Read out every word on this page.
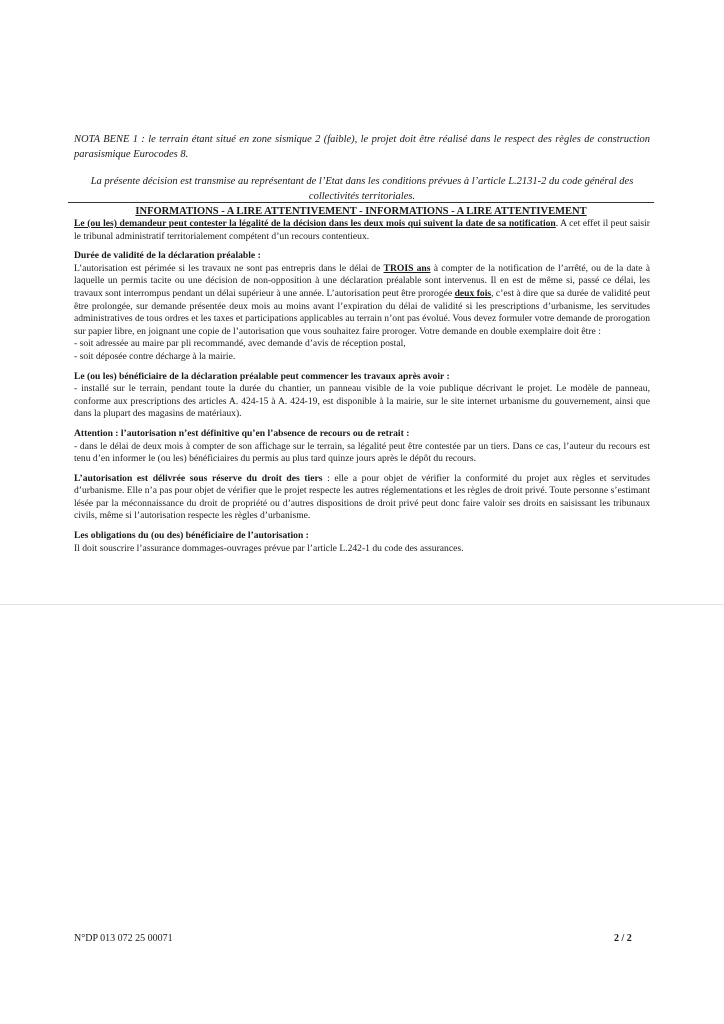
NOTA BENE 1 : le terrain étant situé en zone sismique 2 (faible), le projet doit être réalisé dans le respect des règles de construction parasismique Eurocodes 8.

La présente décision est transmise au représentant de l’Etat dans les conditions prévues à l’article L.2131-2 du code général des collectivités territoriales.

INFORMATIONS - A LIRE ATTENTIVEMENT - INFORMATIONS - A LIRE ATTENTIVEMENT

Le (ou les) demandeur peut contester la légalité de la décision dans les deux mois qui suivent la date de sa notification. A cet effet il peut saisir le tribunal administratif territorialement compétent d’un recours contentieux.

Durée de validité de la déclaration préalable :

L’autorisation est périmée si les travaux ne sont pas entrepris dans le délai de TROIS ans à compter de la notification de l’arrêté, ou de la date à laquelle un permis tacite ou une décision de non-opposition à une déclaration préalable sont intervenus. Il en est de même si, passé ce délai, les travaux sont interrompus pendant un délai supérieur à une année. L’autorisation peut être prorogée deux fois, c’est à dire que sa durée de validité peut être prolongée, sur demande présentée deux mois au moins avant l’expiration du délai de validité si les prescriptions d’urbanisme, les servitudes administratives de tous ordres et les taxes et participations applicables au terrain n’ont pas évolué. Vous devez formuler votre demande de prorogation sur papier libre, en joignant une copie de l’autorisation que vous souhaitez faire proroger. Votre demande en double exemplaire doit être :

- soit adressée au maire par pli recommandé, avec demande d’avis de réception postal,

- soit déposée contre décharge à la mairie.

Le (ou les) bénéficiaire de la déclaration préalable peut commencer les travaux après avoir :

- installé sur le terrain, pendant toute la durée du chantier, un panneau visible de la voie publique décrivant le projet. Le modèle de panneau, conforme aux prescriptions des articles A. 424-15 à A. 424-19, est disponible à la mairie, sur le site internet urbanisme du gouvernement, ainsi que dans la plupart des magasins de matériaux).

Attention : l’autorisation n’est définitive qu’en l’absence de recours ou de retrait :

- dans le délai de deux mois à compter de son affichage sur le terrain, sa légalité peut être contestée par un tiers. Dans ce cas, l’auteur du recours est tenu d’en informer le (ou les) bénéficiaires du permis au plus tard quinze jours après le dépôt du recours.

L’autorisation est délivrée sous réserve du droit des tiers : elle a pour objet de vérifier la conformité du projet aux règles et servitudes d’urbanisme. Elle n’a pas pour objet de vérifier que le projet respecte les autres réglementations et les règles de droit privé. Toute personne s’estimant lésée par la méconnaissance du droit de propriété ou d’autres dispositions de droit privé peut donc faire valoir ses droits en saisissant les tribunaux civils, même si l’autorisation respecte les règles d’urbanisme.

Les obligations du (ou des) bénéficiaire de l’autorisation :

Il doit souscrire l’assurance dommages-ouvrages prévue par l’article L.242-1 du code des assurances.

N°DP 013 072 25 00071	2 / 2
